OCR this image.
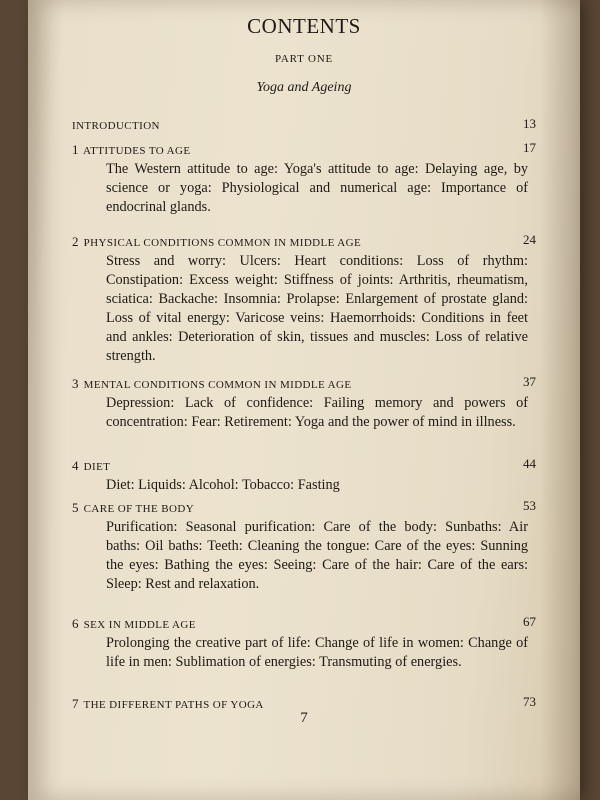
CONTENTS
PART ONE
Yoga and Ageing
INTRODUCTION	13
1 ATTITUDES TO AGE	17
The Western attitude to age: Yoga's attitude to age: Delaying age, by science or yoga: Physiological and numerical age: Importance of endocrinal glands.
2 PHYSICAL CONDITIONS COMMON IN MIDDLE AGE	24
Stress and worry: Ulcers: Heart conditions: Loss of rhythm: Constipation: Excess weight: Stiffness of joints: Arthritis, rheumatism, sciatica: Backache: Insomnia: Prolapse: Enlargement of prostate gland: Loss of vital energy: Varicose veins: Haemorrhoids: Conditions in feet and ankles: Deterioration of skin, tissues and muscles: Loss of relative strength.
3 MENTAL CONDITIONS COMMON IN MIDDLE AGE	37
Depression: Lack of confidence: Failing memory and powers of concentration: Fear: Retirement: Yoga and the power of mind in illness.
4 DIET	44
Diet: Liquids: Alcohol: Tobacco: Fasting
5 CARE OF THE BODY	53
Purification: Seasonal purification: Care of the body: Sunbaths: Air baths: Oil baths: Teeth: Cleaning the tongue: Care of the eyes: Sunning the eyes: Bathing the eyes: Seeing: Care of the hair: Care of the ears: Sleep: Rest and relaxation.
6 SEX IN MIDDLE AGE	67
Prolonging the creative part of life: Change of life in women: Change of life in men: Sublimation of energies: Transmuting of energies.
7 THE DIFFERENT PATHS OF YOGA	73
7
